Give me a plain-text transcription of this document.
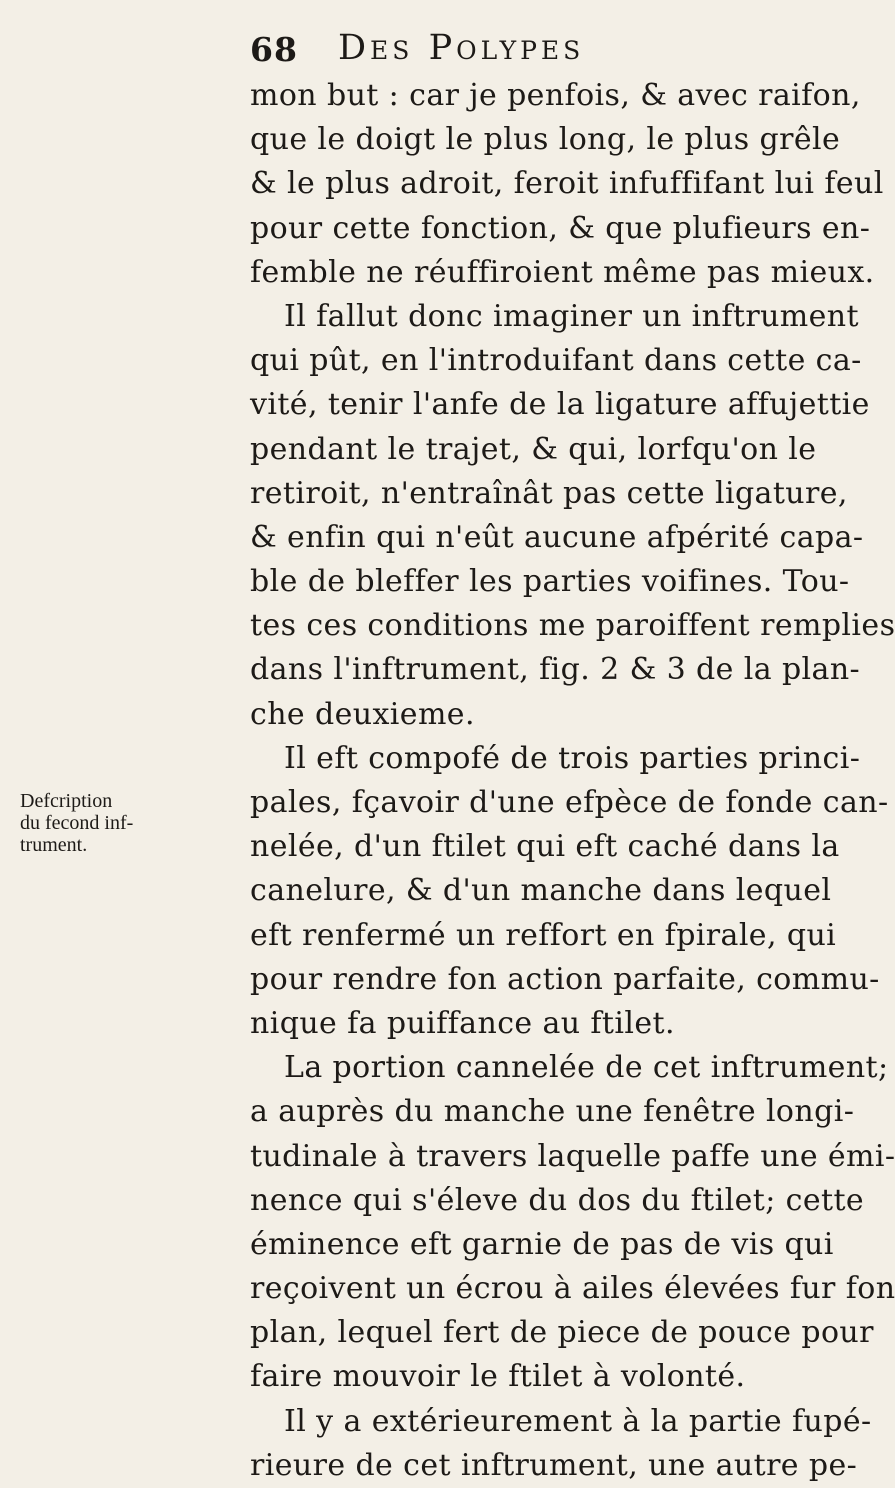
68 Des Polypes
Defcription
du fecond inf-
trument.
mon but : car je penfois, & avec raifon,
que le doigt le plus long, le plus grêle
& le plus adroit, feroit infuffifant lui feul
pour cette fonction, & que plufieurs en-
femble ne réuffiroient même pas mieux.
Il fallut donc imaginer un inftrument
qui pût, en l'introduifant dans cette ca-
vité, tenir l'anfe de la ligature affujettie
pendant le trajet, & qui, lorfqu'on le
retiroit, n'entraînât pas cette ligature,
& enfin qui n'eût aucune afpérité capa-
ble de bleffer les parties voifines. Tou-
tes ces conditions me paroiffent remplies
dans l'inftrument, fig. 2 & 3 de la plan-
che deuxieme.
Il eft compofé de trois parties princi-
pales, fçavoir d'une efpèce de fonde can-
nelée, d'un ftilet qui eft caché dans la
canelure, & d'un manche dans lequel
eft renfermé un reffort en fpirale, qui
pour rendre fon action parfaite, commu-
nique fa puiffance au ftilet.
La portion cannelée de cet inftrument;
a auprès du manche une fenêtre longi-
tudinale à travers laquelle paffe une émi-
nence qui s'éleve du dos du ftilet; cette
éminence eft garnie de pas de vis qui
reçoivent un écrou à ailes élevées fur fon
plan, lequel fert de piece de pouce pour
faire mouvoir le ftilet à volonté.
Il y a extérieurement à la partie fupé-
rieure de cet inftrument, une autre pe-
